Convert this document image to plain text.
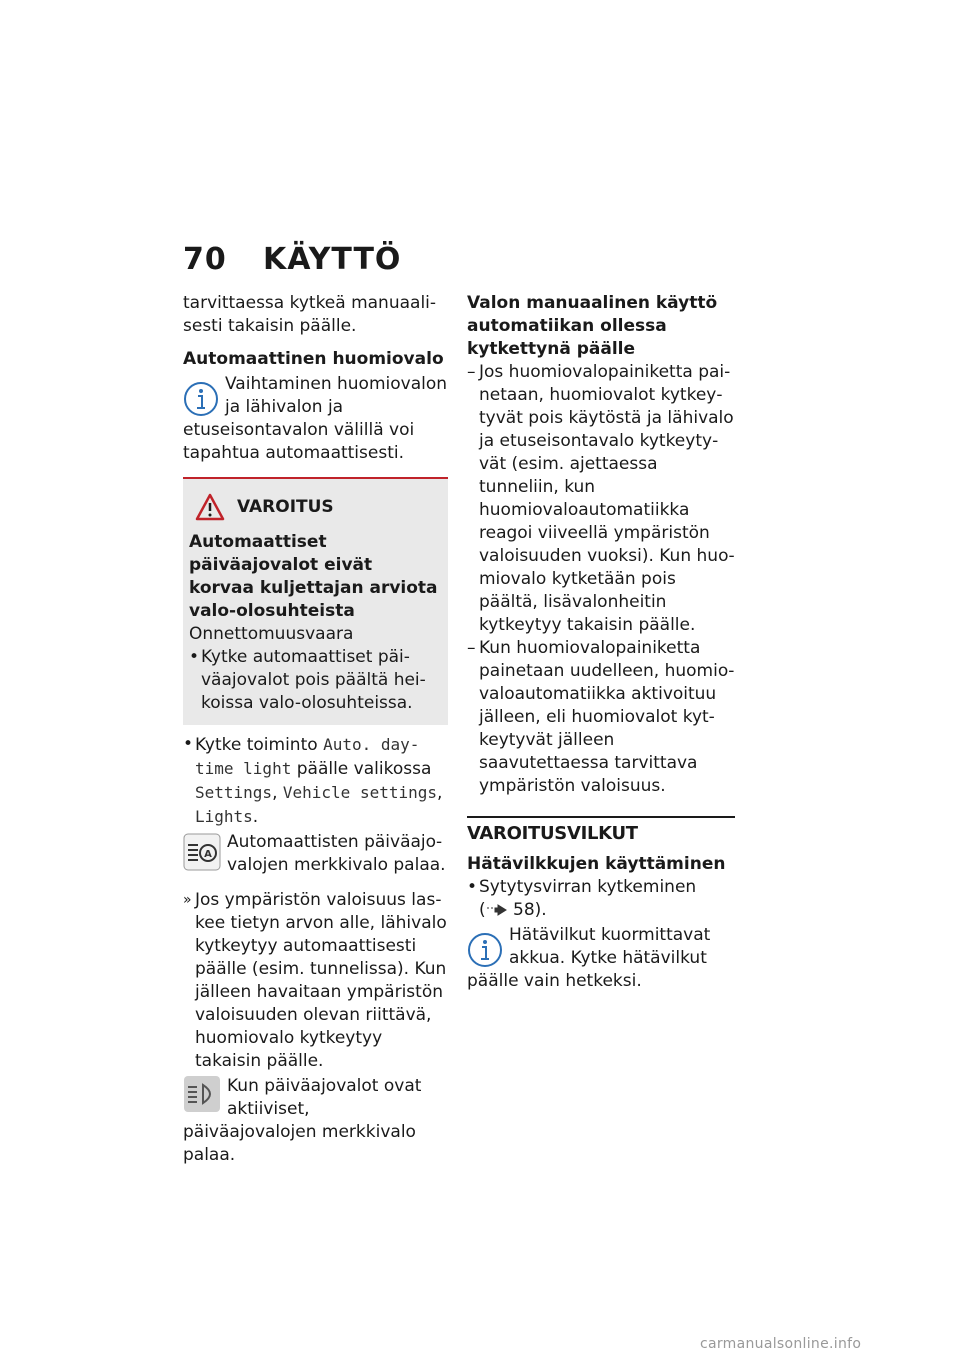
70 KÄYTTÖ

tarvittaessa kytkeä manuaalisesti takaisin päälle.

Automaattinen huomiovalo

Vaihtaminen huomiovalon ja lähivalon ja etuseisontavalon välillä voi tapahtua automaattisesti.

VAROITUS

Automaattiset päiväajovalot eivät korvaa kuljettajan arviota valo-olosuhteista

Onnettomuusvaara

• Kytke automaattiset päiväajovalot pois päältä heikoissa valo-olosuhteissa.
• Kytke toiminto Auto. daytime light päälle valikossa Settings, Vehicle settings, Lights.
A

Automaattisten päiväajovalojen merkkivalo palaa.

» Jos ympäristön valoisuus laskee tietyn arvon alle, lähivalo kytkeytyy automaattisesti päälle (esim. tunnelissa). Kun jälleen havaitaan ympäristön valoisuuden olevan riittävä, huomiovalo kytkeytyy takaisin päälle.

Kun päiväajovalot ovat aktiiviset, päiväajovalojen merkkivalo palaa.

Valon manuaalinen käyttö automatiikan ollessa kytkettynä päälle

– Jos huomiovalopainiketta painetaan, huomiovalot kytkeytyvät pois käytöstä ja lähivalo ja etuseisontavalo kytkeytyvät (esim. ajettaessa tunneliin, kun huomiovaloautomatiikka reagoi viiveellä ympäristön valoisuuden vuoksi). Kun huomiovalo kytketään pois päältä, lisävalonheitin kytkeytyy takaisin päälle.
– Kun huomiovalopainiketta painetaan uudelleen, huomiovaloautomatiikka aktivoituu jälleen, eli huomiovalot kytkeytyvät jälleen saavutettaessa tarvittava ympäristön valoisuus.
VAROITUSVILKUT

Hätävilkkujen käyttäminen

• Sytytysvirran kytkeminen
( 58).

Hätävilkut kuormittavat akkua. Kytke hätävilkut päälle vain hetkeksi.

carmanualsonline.info
